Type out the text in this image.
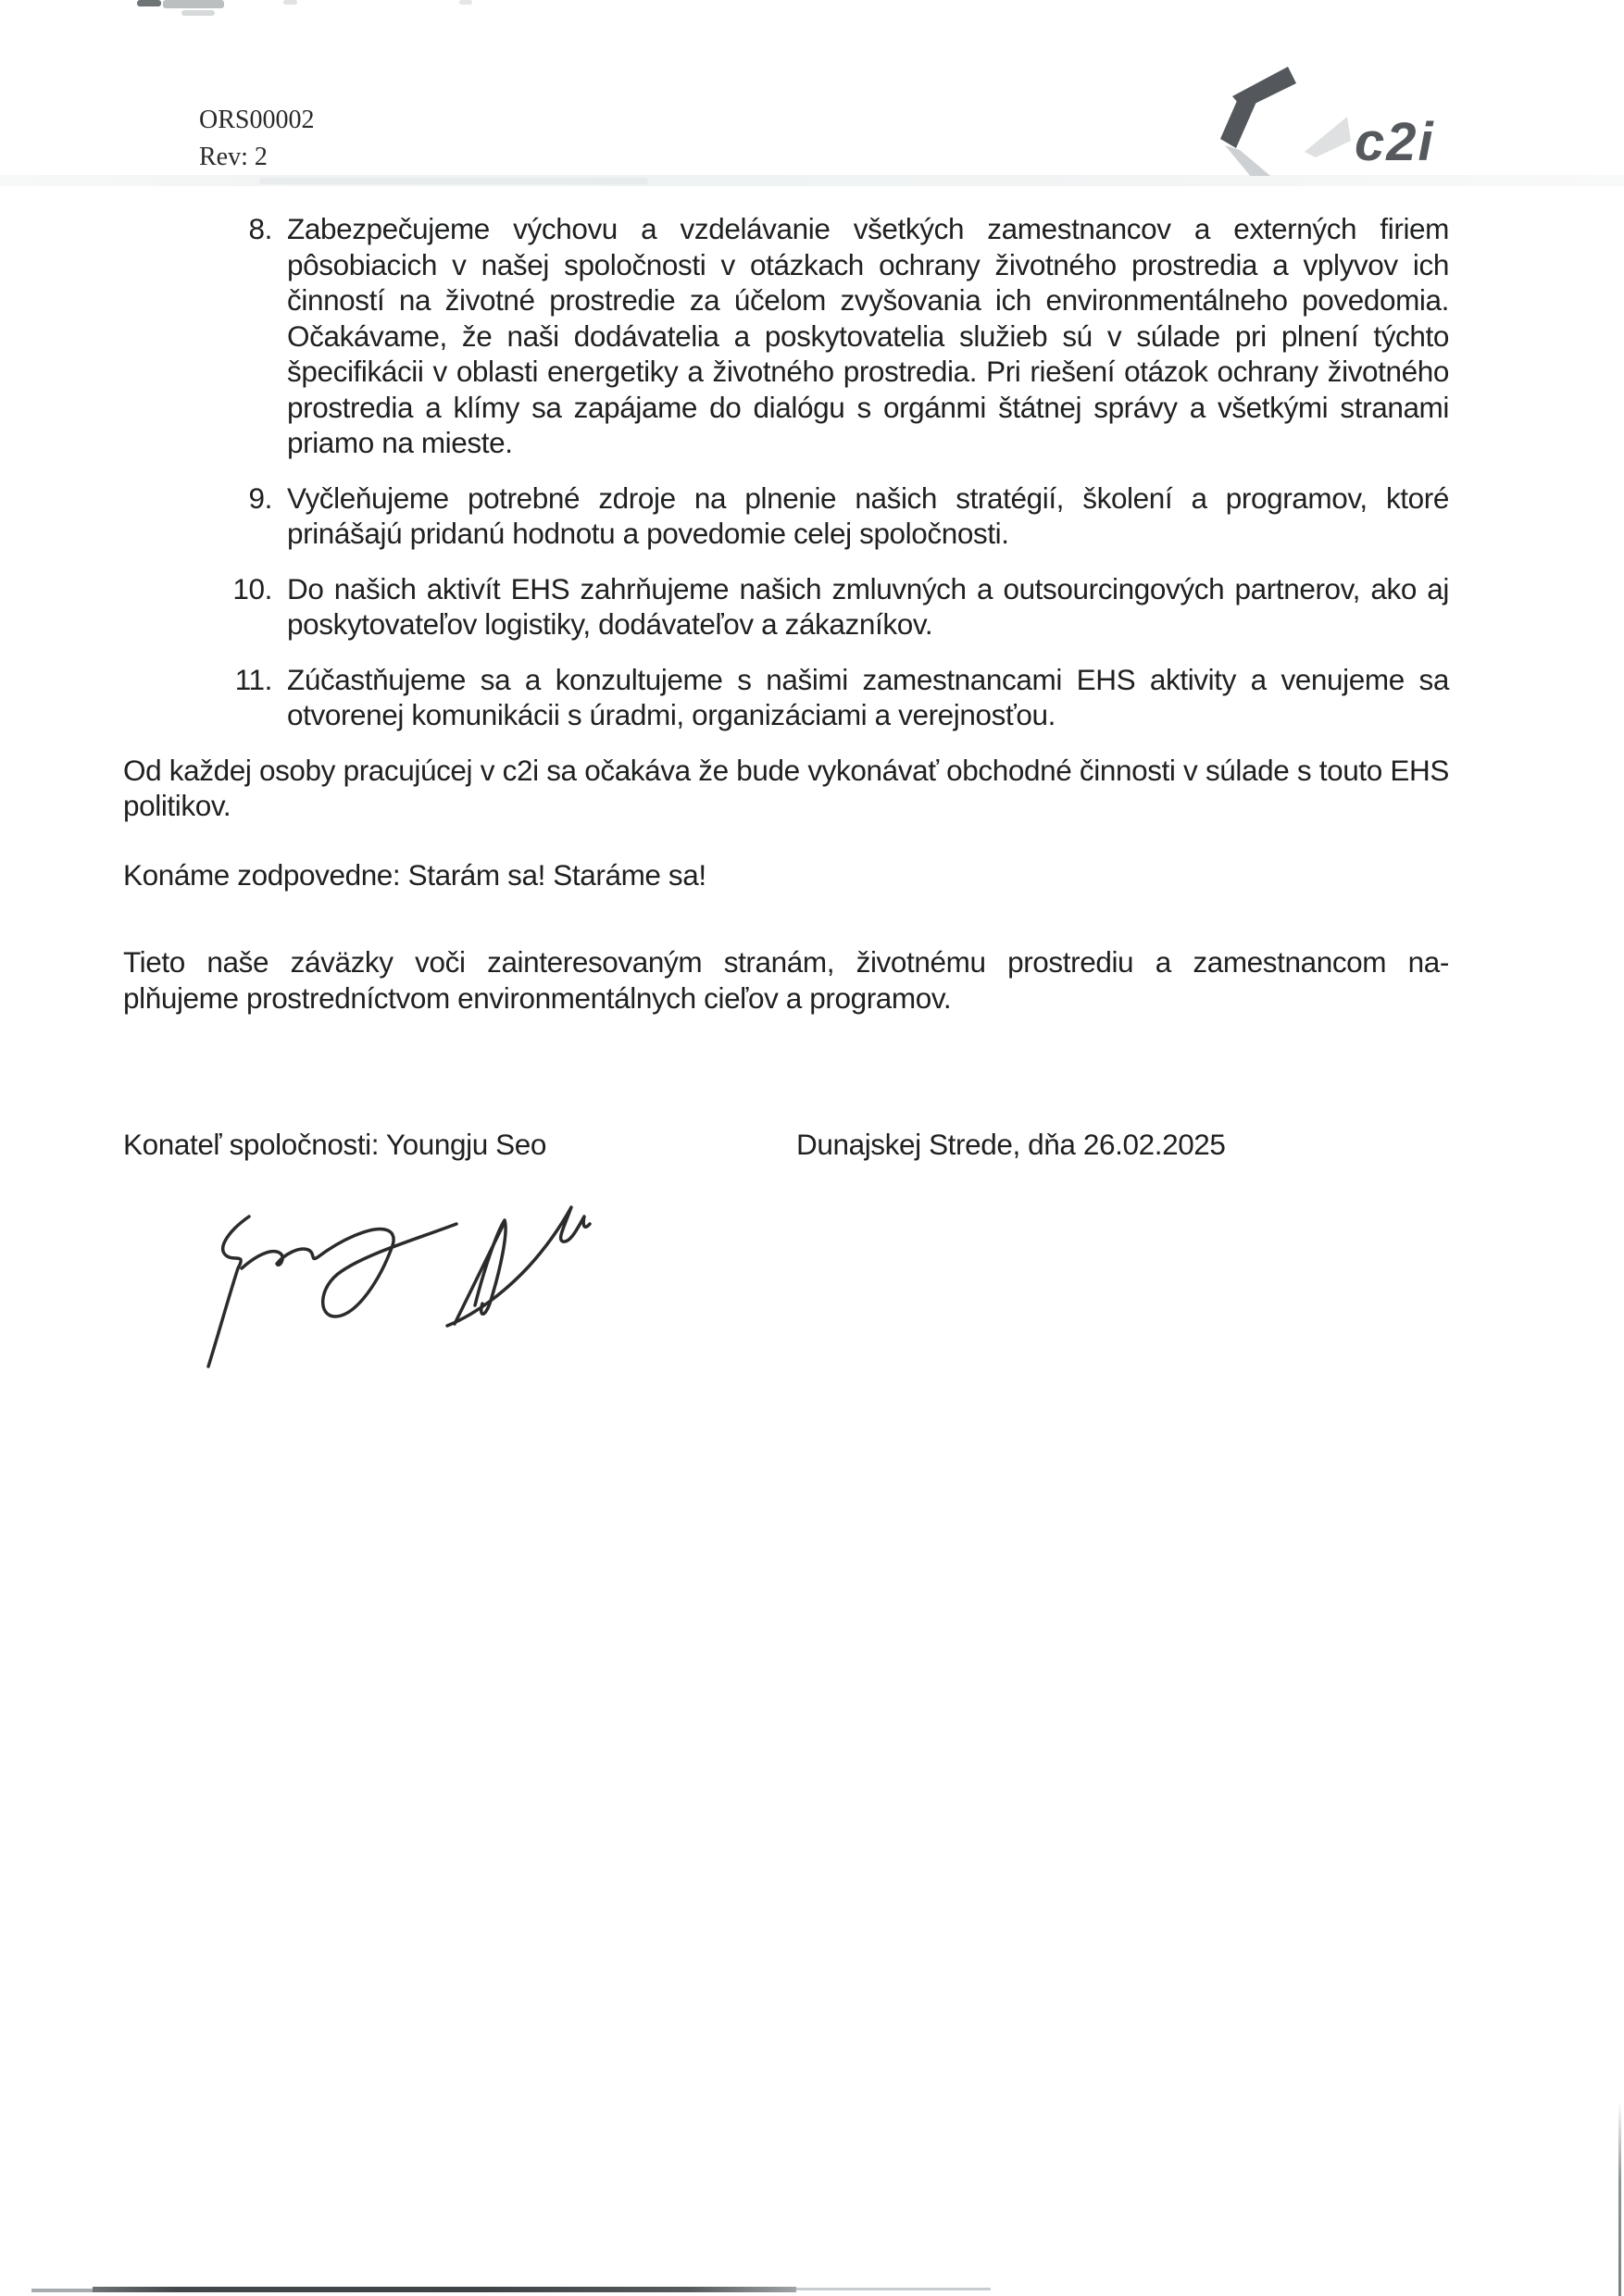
ORS00002
Rev: 2	c2i
8. Zabezpečujeme výchovu a vzdelávanie všetkých zamestnancov a externých firiem pôsobiacich v našej spoločnosti v otázkach ochrany životného prostredia a vplyvov ich činností na životné prostredie za účelom zvyšovania ich environmentálneho povedomia. Očakávame, že naši dodávatelia a poskytovatelia služieb sú v súlade pri plnení týchto špecifikácii v oblasti energetiky a životného prostredia. Pri riešení otázok ochrany životného prostredia a klímy sa zapájame do dialógu s orgánmi štátnej správy a všetkými stranami priamo na mieste.
9. Vyčleňujeme potrebné zdroje na plnenie našich stratégií, školení a programov, ktoré prinášajú pridanú hodnotu a povedomie celej spoločnosti.
10. Do našich aktivít EHS zahrňujeme našich zmluvných a outsourcingových partnerov, ako aj poskytovateľov logistiky, dodávateľov a zákazníkov.
11. Zúčastňujeme sa a konzultujeme s našimi zamestnancami EHS aktivity a venujeme sa otvorenej komunikácii s úradmi, organizáciami a verejnosťou.
Od každej osoby pracujúcej v c2i sa očakáva že bude vykonávať obchodné činnosti v súlade s touto EHS politikov.
Konáme zodpovedne: Starám sa! Staráme sa!
Tieto naše záväzky voči zainteresovaným stranám, životnému prostrediu a zamestnancom na-
plňujeme prostredníctvom environmentálnych cieľov a programov.
Konateľ spoločnosti: Youngju Seo	Dunajskej Strede, dňa 26.02.2025
